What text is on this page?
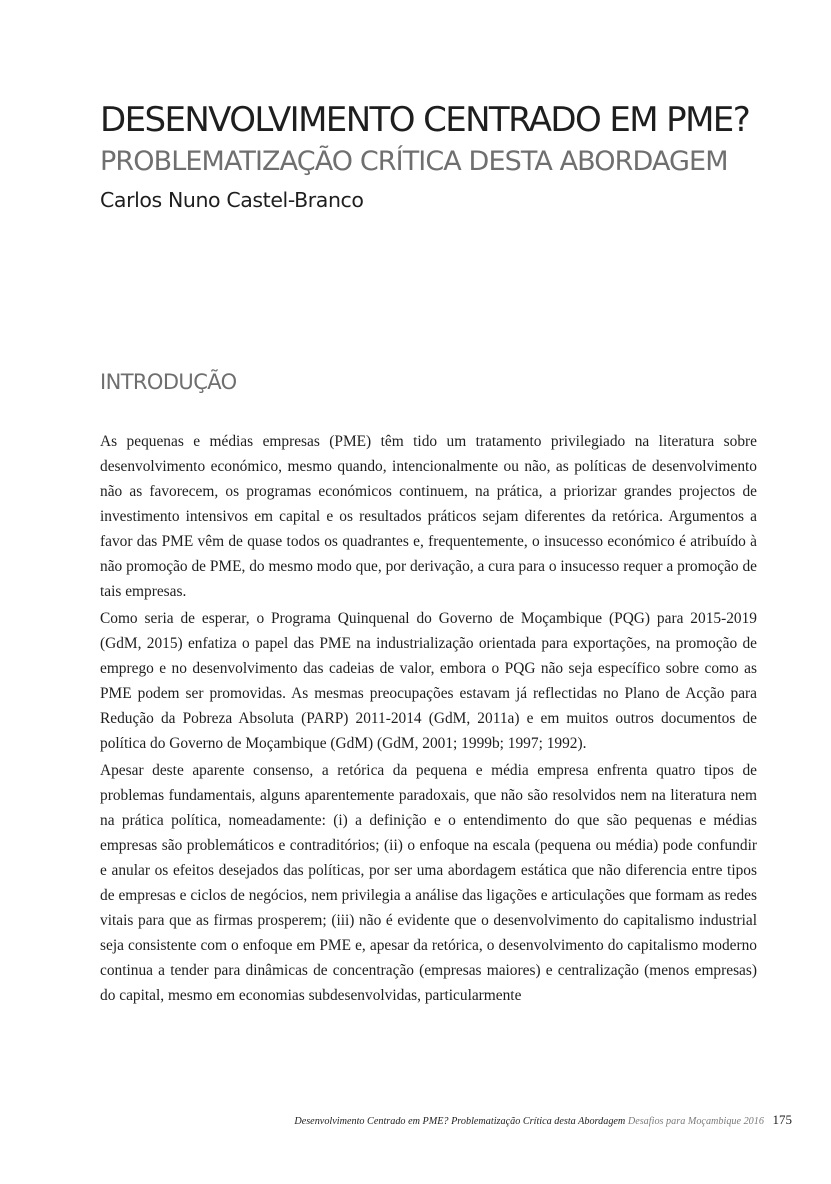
DESENVOLVIMENTO CENTRADO EM PME?
PROBLEMATIZAÇÃO CRÍTICA DESTA ABORDAGEM
Carlos Nuno Castel-Branco
INTRODUÇÃO

As pequenas e médias empresas (PME) têm tido um tratamento privilegiado na literatura sobre desenvolvimento económico, mesmo quando, intencionalmente ou não, as políticas de desenvolvimento não as favorecem, os programas económicos continuem, na prática, a priorizar grandes projectos de investimento intensivos em capital e os resultados práticos sejam diferentes da retórica. Argumentos a favor das PME vêm de quase todos os quadrantes e, frequentemente, o insucesso económico é atribuído à não promoção de PME, do mesmo modo que, por derivação, a cura para o insucesso requer a promoção de tais empresas.

Como seria de esperar, o Programa Quinquenal do Governo de Moçambique (PQG) para 2015-2019 (GdM, 2015) enfatiza o papel das PME na industrialização orientada para exportações, na promoção de emprego e no desenvolvimento das cadeias de valor, embora o PQG não seja específico sobre como as PME podem ser promovidas. As mesmas preocupações estavam já reflectidas no Plano de Acção para Redução da Pobreza Absoluta (PARP) 2011-2014 (GdM, 2011a) e em muitos outros documentos de política do Governo de Moçambique (GdM) (GdM, 2001; 1999b; 1997; 1992).

Apesar deste aparente consenso, a retórica da pequena e média empresa enfrenta quatro tipos de problemas fundamentais, alguns aparentemente paradoxais, que não são resolvidos nem na literatura nem na prática política, nomeadamente: (i) a definição e o entendimento do que são pequenas e médias empresas são problemáticos e contraditórios; (ii) o enfoque na escala (pequena ou média) pode confundir e anular os efeitos desejados das políticas, por ser uma abordagem estática que não diferencia entre tipos de empresas e ciclos de negócios, nem privilegia a análise das ligações e articulações que formam as redes vitais para que as firmas prosperem; (iii) não é evidente que o desenvolvimento do capitalismo industrial seja consistente com o enfoque em PME e, apesar da retórica, o desenvolvimento do capitalismo moderno continua a tender para dinâmicas de concentração (empresas maiores) e centralização (menos empresas) do capital, mesmo em economias subdesenvolvidas, particularmente

Desenvolvimento Centrado em PME? Problematização Crítica desta Abordagem Desafios para Moçambique 2016 175
